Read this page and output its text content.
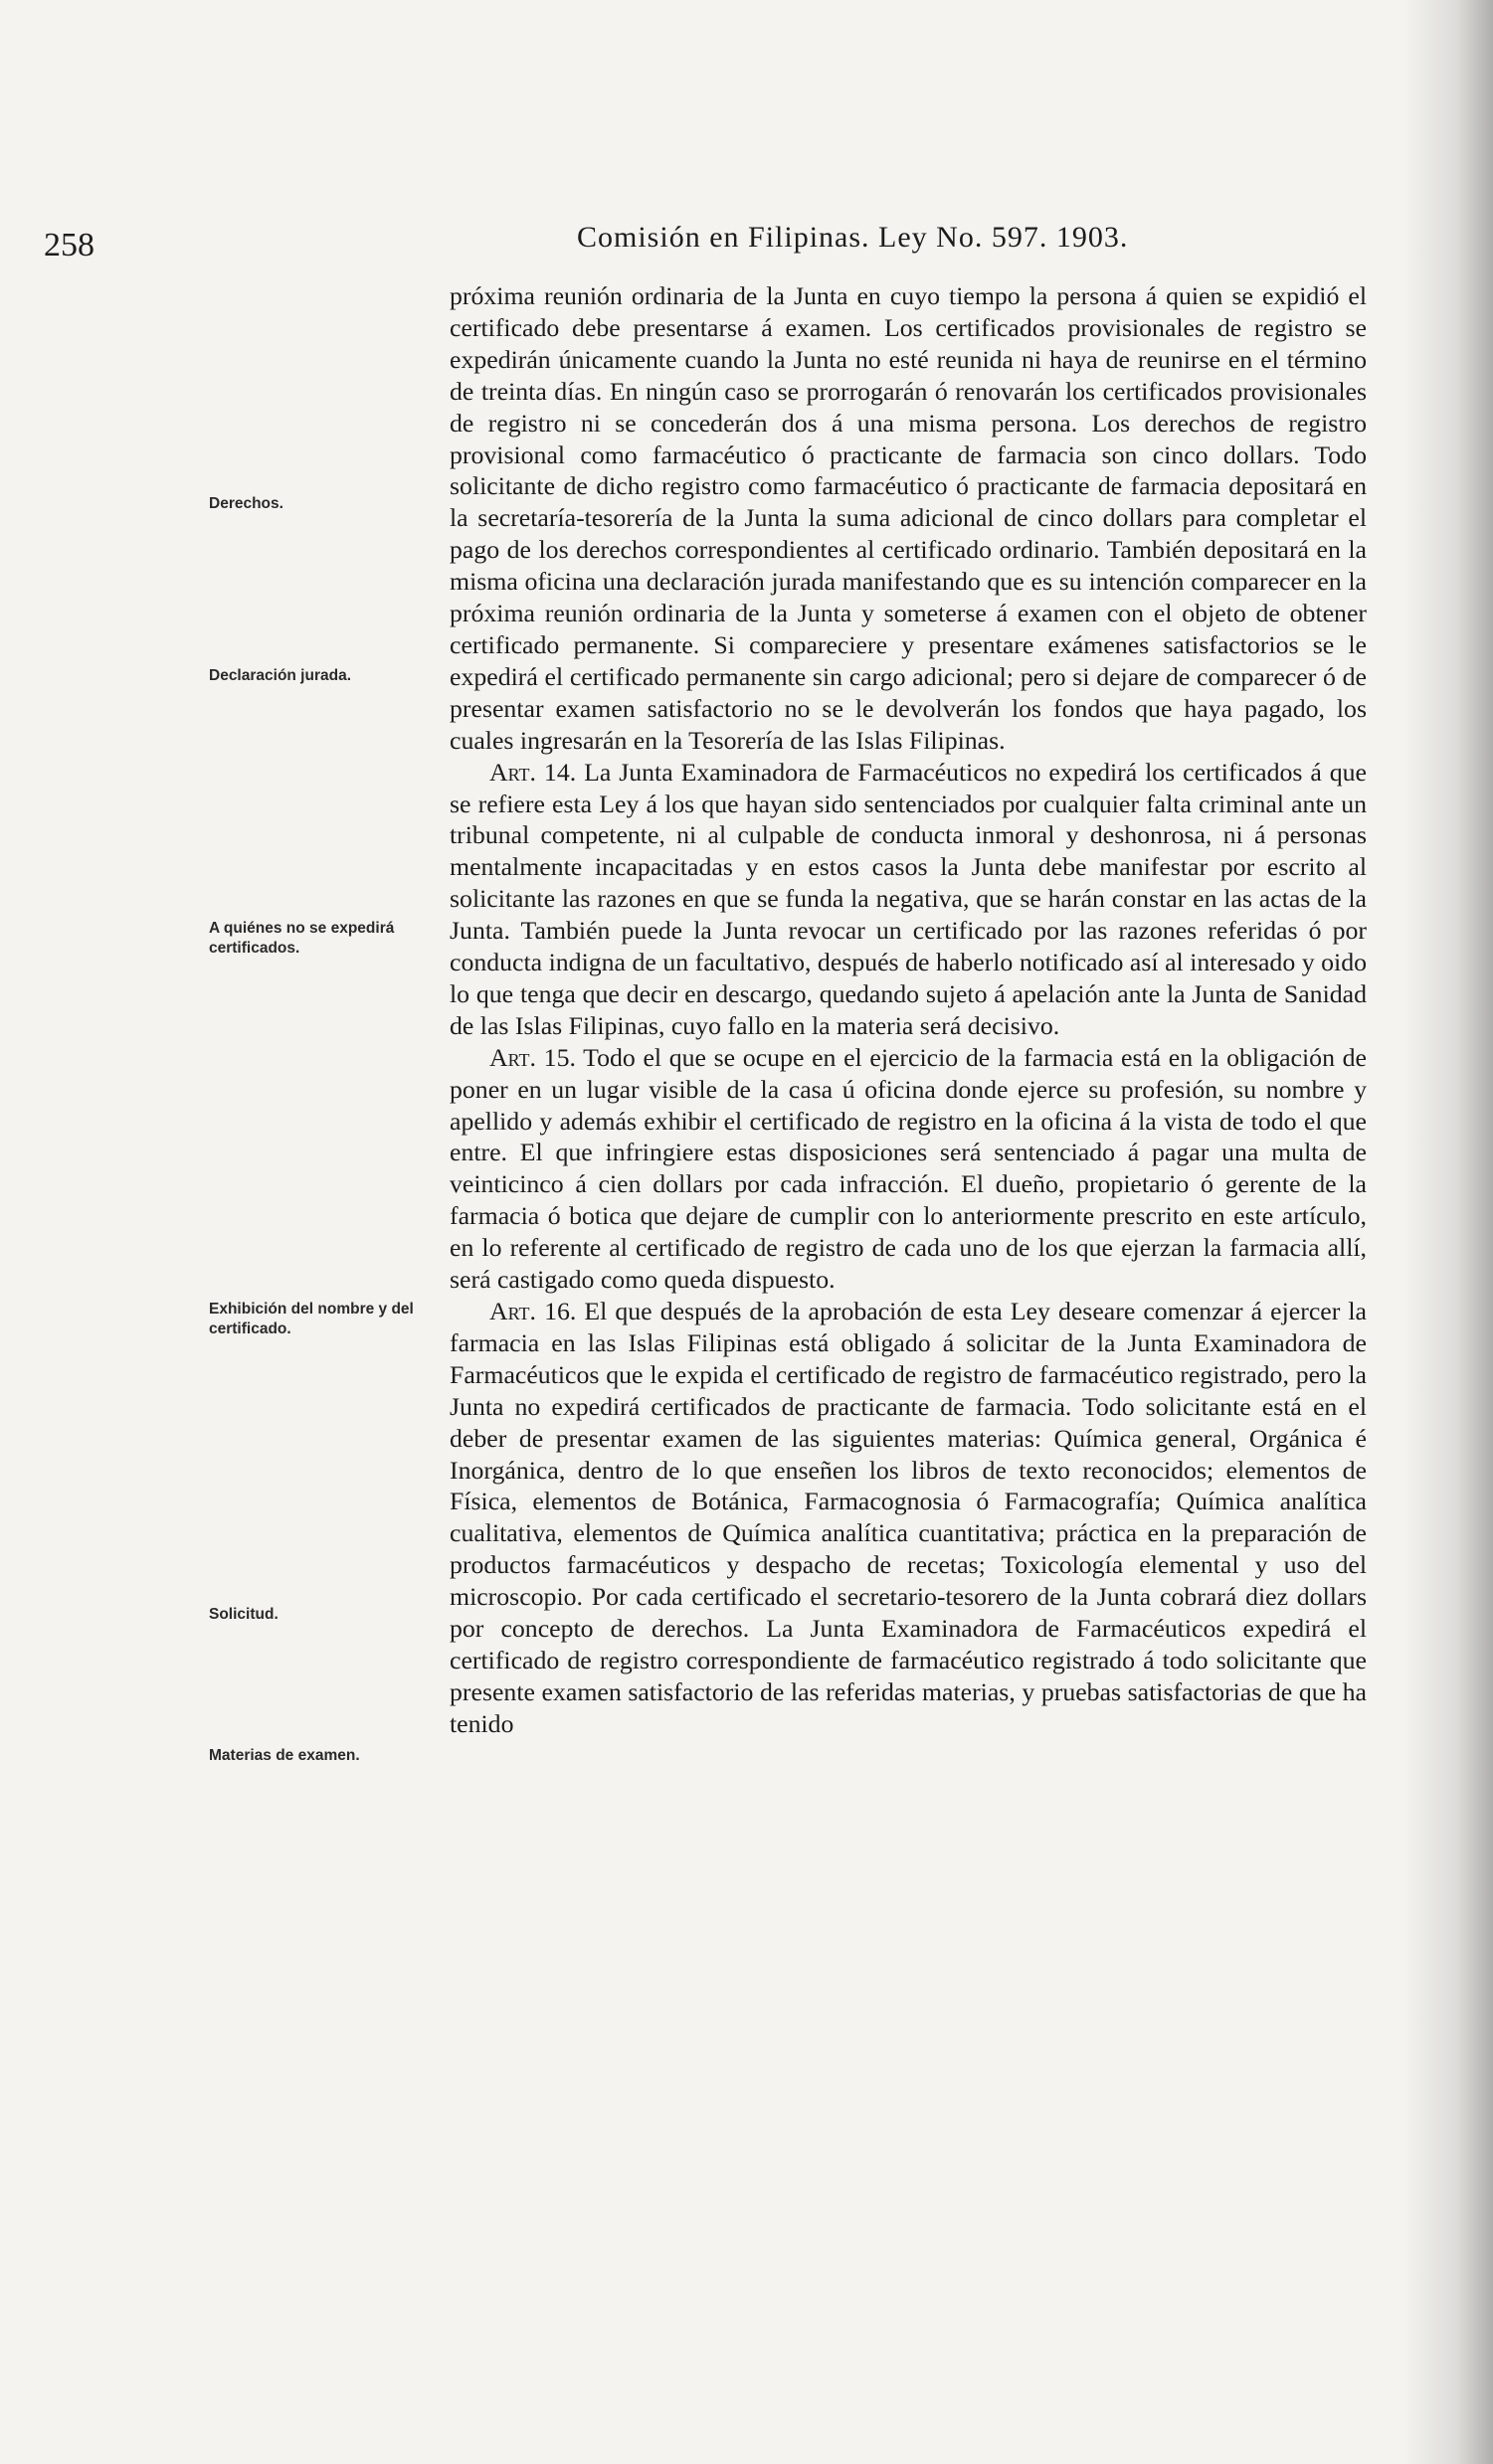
258	Comisión en Filipinas. Ley No. 597. 1903.
Derechos.
Declaración jurada.
A quiénes no se expedirá certificados.
Exhibición del nombre y del certificado.
Solicitud.
Materias de examen.

próxima reunión ordinaria de la Junta en cuyo tiempo la persona á quien se expidió el certificado debe presentarse á examen. Los certificados provisionales de registro se expedirán únicamente cuando la Junta no esté reunida ni haya de reunirse en el término de treinta días. En ningún caso se prorrogarán ó renovarán los certificados provisionales de registro ni se concederán dos á una misma persona. Los derechos de registro provisional como farmacéutico ó practicante de farmacia son cinco dollars. Todo solicitante de dicho registro como farmacéutico ó practicante de farmacia depositará en la secretaría-tesorería de la Junta la suma adicional de cinco dollars para completar el pago de los derechos correspondientes al certificado ordinario. También depositará en la misma oficina una declaración jurada manifestando que es su intención comparecer en la próxima reunión ordinaria de la Junta y someterse á examen con el objeto de obtener certificado permanente. Si compareciere y presentare exámenes satisfactorios se le expedirá el certificado permanente sin cargo adicional; pero si dejare de comparecer ó de presentar examen satisfactorio no se le devolverán los fondos que haya pagado, los cuales ingresarán en la Tesorería de las Islas Filipinas.

Art. 14. La Junta Examinadora de Farmacéuticos no expedirá los certificados á que se refiere esta Ley á los que hayan sido sentenciados por cualquier falta criminal ante un tribunal competente, ni al culpable de conducta inmoral y deshonrosa, ni á personas mentalmente incapacitadas y en estos casos la Junta debe manifestar por escrito al solicitante las razones en que se funda la negativa, que se harán constar en las actas de la Junta. También puede la Junta revocar un certificado por las razones referidas ó por conducta indigna de un facultativo, después de haberlo notificado así al interesado y oido lo que tenga que decir en descargo, quedando sujeto á apelación ante la Junta de Sanidad de las Islas Filipinas, cuyo fallo en la materia será decisivo.

Art. 15. Todo el que se ocupe en el ejercicio de la farmacia está en la obligación de poner en un lugar visible de la casa ú oficina donde ejerce su profesión, su nombre y apellido y además exhibir el certificado de registro en la oficina á la vista de todo el que entre. El que infringiere estas disposiciones será sentenciado á pagar una multa de veinticinco á cien dollars por cada infracción. El dueño, propietario ó gerente de la farmacia ó botica que dejare de cumplir con lo anteriormente prescrito en este artículo, en lo referente al certificado de registro de cada uno de los que ejerzan la farmacia allí, será castigado como queda dispuesto.

Art. 16. El que después de la aprobación de esta Ley deseare comenzar á ejercer la farmacia en las Islas Filipinas está obligado á solicitar de la Junta Examinadora de Farmacéuticos que le expida el certificado de registro de farmacéutico registrado, pero la Junta no expedirá certificados de practicante de farmacia. Todo solicitante está en el deber de presentar examen de las siguientes materias: Química general, Orgánica é Inorgánica, dentro de lo que enseñen los libros de texto reconocidos; elementos de Física, elementos de Botánica, Farmacognosia ó Farmacografía; Química analítica cualitativa, elementos de Química analítica cuantitativa; práctica en la preparación de productos farmacéuticos y despacho de recetas; Toxicología elemental y uso del microscopio. Por cada certificado el secretario-tesorero de la Junta cobrará diez dollars por concepto de derechos. La Junta Examinadora de Farmacéuticos expedirá el certificado de registro correspondiente de farmacéutico registrado á todo solicitante que presente examen satisfactorio de las referidas materias, y pruebas satisfactorias de que ha tenido
